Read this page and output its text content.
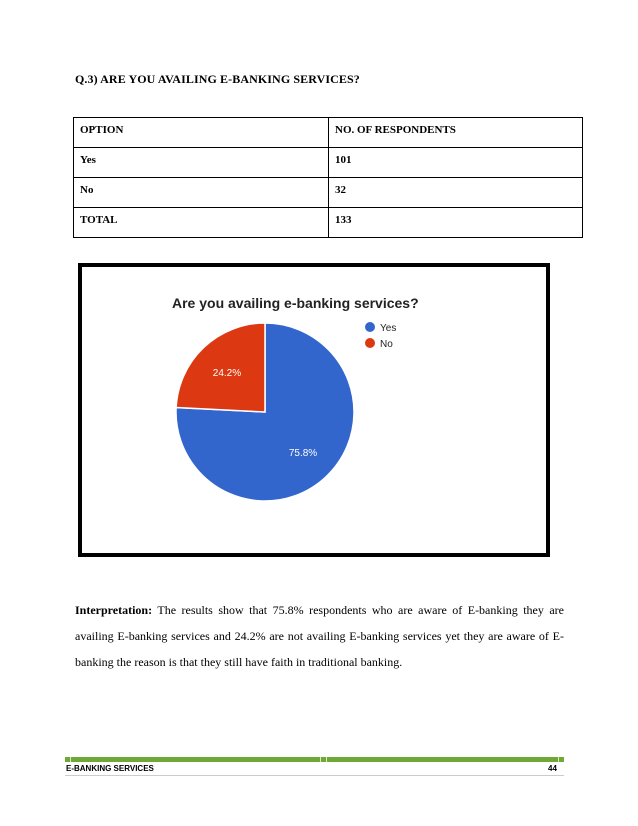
Q.3) ARE YOU AVAILING E-BANKING SERVICES?
OPTION	NO. OF RESPONDENTS
Yes	101
No	32
TOTAL	133
Are you availing e-banking services?
75.8%
24.2%
Yes
No
Interpretation: The results show that 75.8% respondents who are aware of E-banking they are availing E-banking services and 24.2% are not availing E-banking services yet they are aware of E-banking the reason is that they still have faith in traditional banking.
E-BANKING SERVICES	44
